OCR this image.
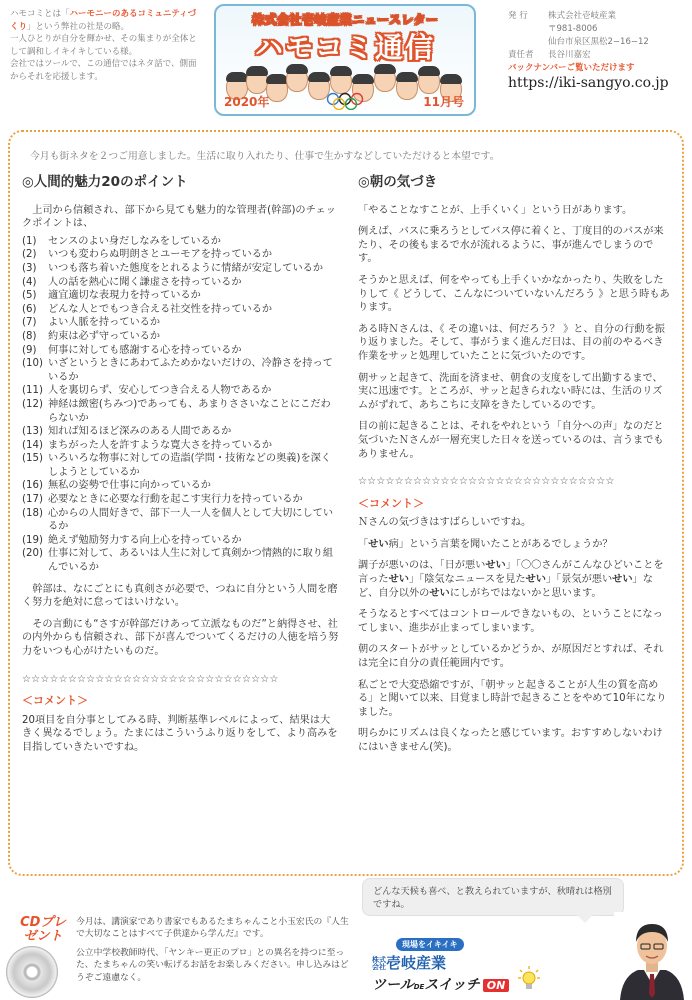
ハモコミとは「ハーモニーのあるコミュニティづくり」という弊社の社是の略。

一人ひとりが自分を輝かせ、その集まりが全体として調和しイキイキしている様。

会社ではツールで、この通信ではネタ話で、側面からそれを応援します。

株式会社壱岐産業ニュースレター
ハモコミ通信
2020年	11月号
発 行	株式会社壱岐産業
〒981-8006
仙台市泉区黒松2−16−12
責任者	長谷川嘉宏
バックナンバーご覧いただけます
https://iki-sangyo.co.jp
今月も街ネタを２つご用意しました。生活に取り入れたり、仕事で生かすなどしていただけると本望です。
◎人間的魅力20のポイント

上司から信頼され、部下から見ても魅力的な管理者(幹部)のチェックポイントは、

(1)	センスのよい身だしなみをしているか
(2)	いつも変わらぬ明朗さとユーモアを持っているか
(3)	いつも落ち着いた態度をとれるように情緒が安定しているか
(4)	人の話を熱心に聞く謙虚さを持っているか
(5)	適宜適切な表現力を持っているか
(6)	どんな人とでもつき合える社交性を持っているか
(7)	よい人脈を持っているか
(8)	約束は必ず守っているか
(9)	何事に対しても感謝する心を持っているか
(10) いざというときにあわてふためかないだけの、冷静さを持っているか
(11) 人を裏切らず、安心してつき合える人物であるか
(12) 神経は緻密(ちみつ)であっても、あまりささいなことにこだわらないか
(13) 知れば知るほど深みのある人間であるか
(14) まちがった人を許すような寛大さを持っているか
(15) いろいろな物事に対しての造詣(学問・技術などの奥義)を深くしようとしているか
(16) 無私の姿勢で仕事に向かっているか
(17) 必要なときに必要な行動を起こす実行力を持っているか
(18) 心からの人間好きで、部下一人一人を個人として大切にしているか
(19) 絶えず勉励努力する向上心を持っているか
(20) 仕事に対して、あるいは人生に対して真剣かつ情熱的に取り組んでいるか

幹部は、なにごとにも真剣さが必要で、つねに自分という人間を磨く努力を絶対に怠ってはいけない。

その言動にも“さすが幹部だけあって立派なものだ”と納得させ、社の内外からも信頼され、部下が喜んでついてくるだけの人徳を培う努力をいつも心がけたいものだ。

☆☆☆☆☆☆☆☆☆☆☆☆☆☆☆☆☆☆☆☆☆☆☆☆☆☆☆☆
＜コメント＞

20項目を自分事としてみる時、判断基準レベルによって、結果は大きく異なるでしょう。たまにはこういうふり返りをして、より高みを目指していきたいですね。

◎朝の気づき

「やることなすことが、上手くいく」という日があります。

例えば、バスに乗ろうとしてバス停に着くと、丁度目的のバスが来たり、その後もまるで水が流れるように、事が進んでしまうのです。

そうかと思えば、何をやっても上手くいかなかったり、失敗をしたりして《 どうして、こんなについていないんだろう 》と思う時もあります。

ある時Ｎさんは、《 その違いは、何だろう？ 》と、自分の行動を振り返りました。そして、事がうまく進んだ日は、目の前のやるべき作業をサッと処理していたことに気づいたのです。

朝サッと起きて、洗面を済ませ、朝食の支度をして出勤するまで、実に迅速です。ところが、サッと起きられない時には、生活のリズムがずれて、あちこちに支障をきたしているのです。

目の前に起きることは、それをやれという「自分への声」なのだと気づいたＮさんが一層充実した日々を送っているのは、言うまでもありません。

☆☆☆☆☆☆☆☆☆☆☆☆☆☆☆☆☆☆☆☆☆☆☆☆☆☆☆☆
＜コメント＞

Ｎさんの気づきはすばらしいですね。

「せい病」という言葉を聞いたことがあるでしょうか？

調子が悪いのは、「日が悪いせい」「〇〇さんがこんなひどいことを言ったせい」「陰気なニュースを見たせい」「景気が悪いせい」など、自分以外のせいにしがちではないかと思います。

そうなるとすべてはコントロールできないもの、ということになってしまい、進歩が止まってしまいます。

朝のスタートがサッとしているかどうか、が原因だとすれば、それは完全に自分の責任範囲内です。

私ごとで大変恐縮ですが、「朝サッと起きることが人生の質を高める」と聞いて以来、目覚まし時計で起きることをやめて10年になりました。

明らかにリズムは良くなったと感じています。おすすめしないわけにはいきません(笑)。

CDプレゼント

今月は、講演家であり書家でもあるたまちゃんこと小玉宏氏の『人生で大切なことはすべて子供達から学んだ』です。

公立中学校教師時代、「ヤンキー更正のプロ」との異名を持つに至った、たまちゃんの笑い転げるお話をお楽しみください。申し込みはどうぞご遠慮なく。

どんな天候も喜べ、と教えられていますが、秋晴れは格別ですね。
現場をイキイキ
株式会社壱岐産業
ツールDEスイッチ ON
